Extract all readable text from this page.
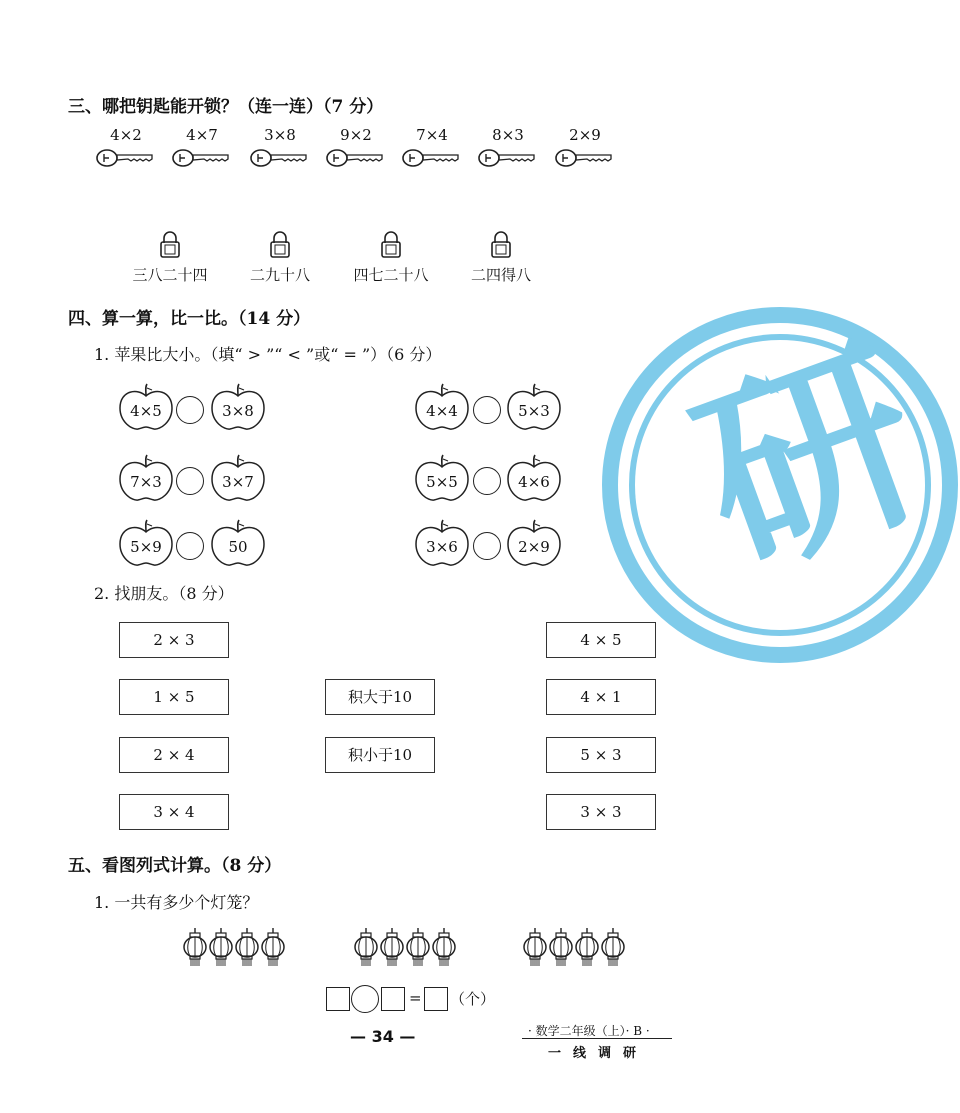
三、哪把钥匙能开锁？（连一连）（7 分）
4×2	4×7	3×8	9×2	7×4	8×3	2×9
三八二十四	二九十八	四七二十八	二四得八
四、算一算，比一比。（14 分）
1. 苹果比大小。（填“ > ”“ < ”或“ = ”）（6 分）
4×5	3×8
7×3	3×7
5×9	50
4×4	5×3
5×5	4×6
3×6	2×9
2. 找朋友。（8 分）
2 × 3
1 × 5
2 × 4
3 × 4
4 × 5
4 × 1
5 × 3
3 × 3
积大于10
积小于10
五、看图列式计算。（8 分）
1. 一共有多少个灯笼？
= （个）
— 34 —	· 数学二年级（上）· B ·
一线调研
研
